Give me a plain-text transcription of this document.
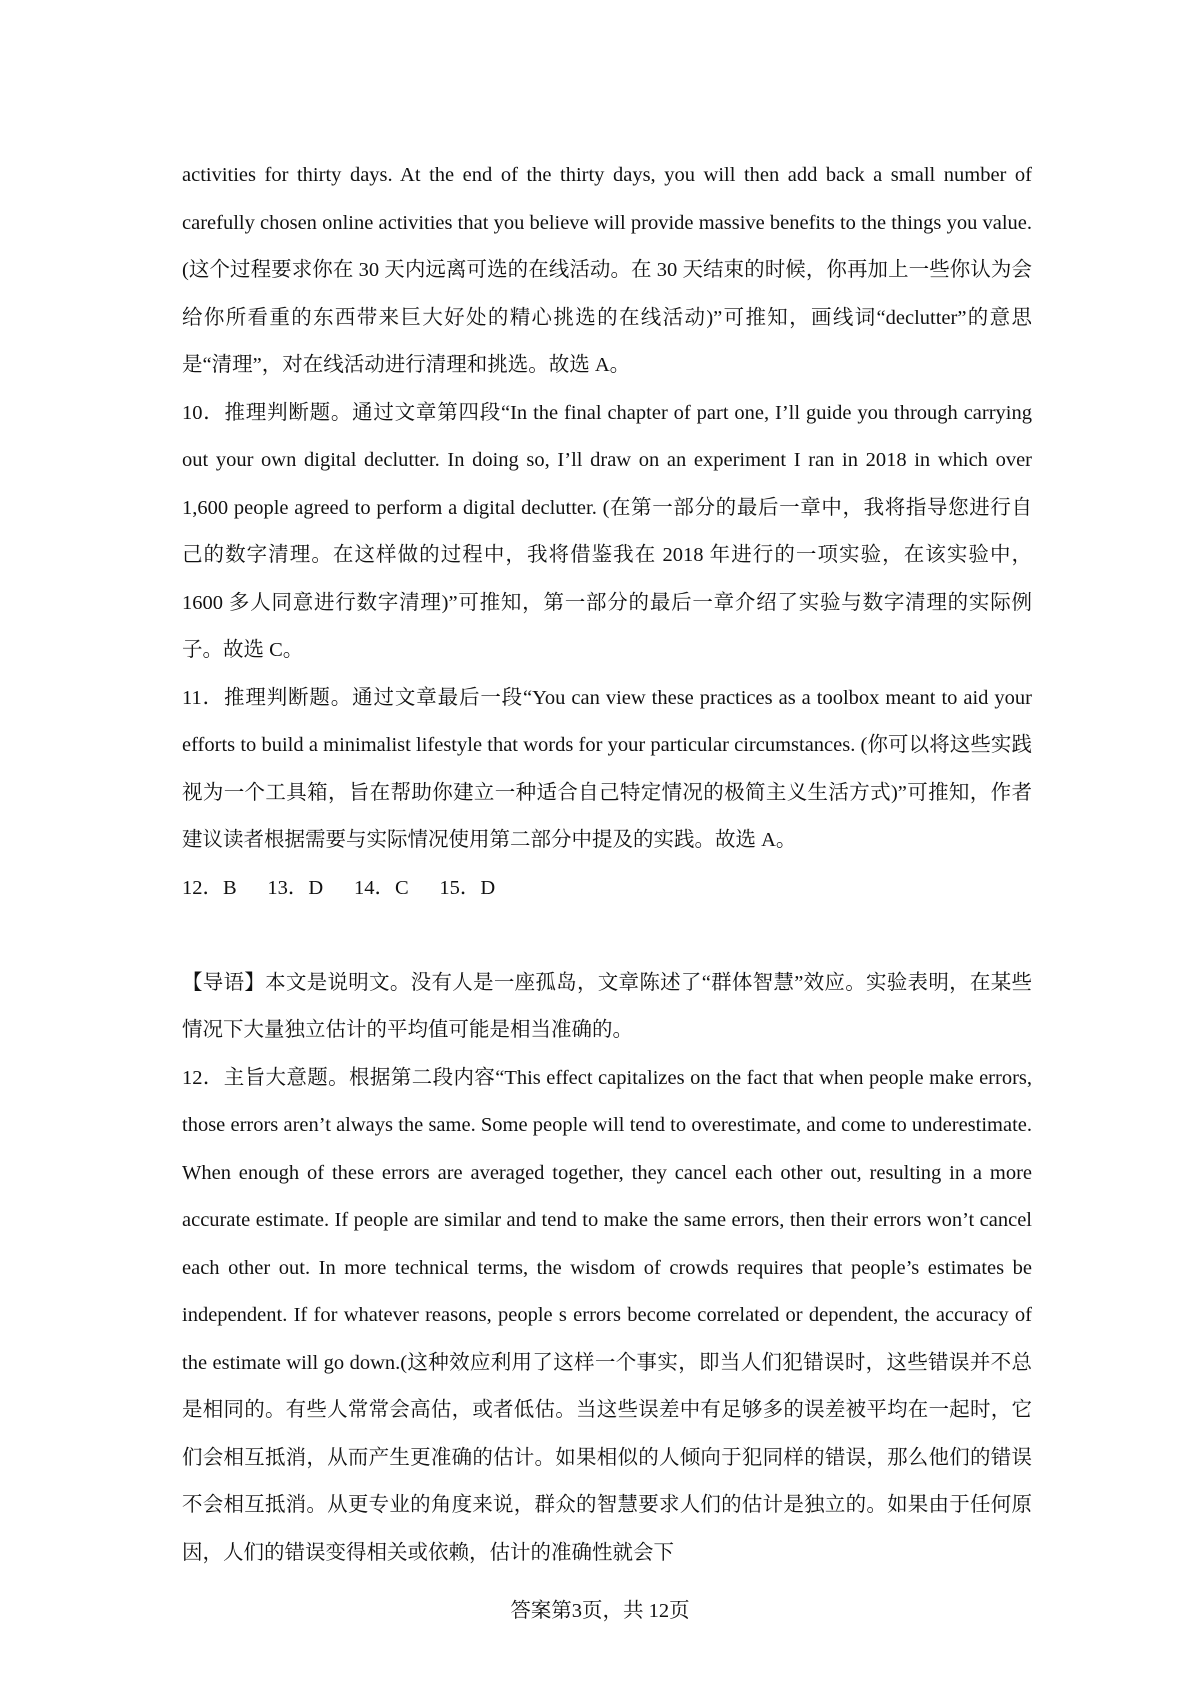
activities for thirty days. At the end of the thirty days, you will then add back a small number of carefully chosen online activities that you believe will provide massive benefits to the things you value. (这个过程要求你在 30 天内远离可选的在线活动。在 30 天结束的时候，你再加上一些你认为会给你所看重的东西带来巨大好处的精心挑选的在线活动)”可推知，画线词“declutter”的意思是“清理”，对在线活动进行清理和挑选。故选 A。

10．推理判断题。通过文章第四段“In the final chapter of part one, I’ll guide you through carrying out your own digital declutter. In doing so, I’ll draw on an experiment I ran in 2018 in which over 1,600 people agreed to perform a digital declutter. (在第一部分的最后一章中，我将指导您进行自己的数字清理。在这样做的过程中，我将借鉴我在 2018 年进行的一项实验，在该实验中，1600 多人同意进行数字清理)”可推知，第一部分的最后一章介绍了实验与数字清理的实际例子。故选 C。

11．推理判断题。通过文章最后一段“You can view these practices as a toolbox meant to aid your efforts to build a minimalist lifestyle that words for your particular circumstances. (你可以将这些实践视为一个工具箱，旨在帮助你建立一种适合自己特定情况的极简主义生活方式)”可推知，作者建议读者根据需要与实际情况使用第二部分中提及的实践。故选 A。

12．B      13．D      14．C      15．D

【导语】本文是说明文。没有人是一座孤岛，文章陈述了“群体智慧”效应。实验表明，在某些情况下大量独立估计的平均值可能是相当准确的。

12．主旨大意题。根据第二段内容“This effect capitalizes on the fact that when people make errors, those errors aren’t always the same. Some people will tend to overestimate, and come to underestimate. When enough of these errors are averaged together, they cancel each other out, resulting in a more accurate estimate. If people are similar and tend to make the same errors, then their errors won’t cancel each other out. In more technical terms, the wisdom of crowds requires that people’s estimates be independent. If for whatever reasons, people s errors become correlated or dependent, the accuracy of the estimate will go down.(这种效应利用了这样一个事实，即当人们犯错误时，这些错误并不总是相同的。有些人常常会高估，或者低估。当这些误差中有足够多的误差被平均在一起时，它们会相互抵消，从而产生更准确的估计。如果相似的人倾向于犯同样的错误，那么他们的错误不会相互抵消。从更专业的角度来说，群众的智慧要求人们的估计是独立的。如果由于任何原因，人们的错误变得相关或依赖，估计的准确性就会下

答案第3页，共 12页
